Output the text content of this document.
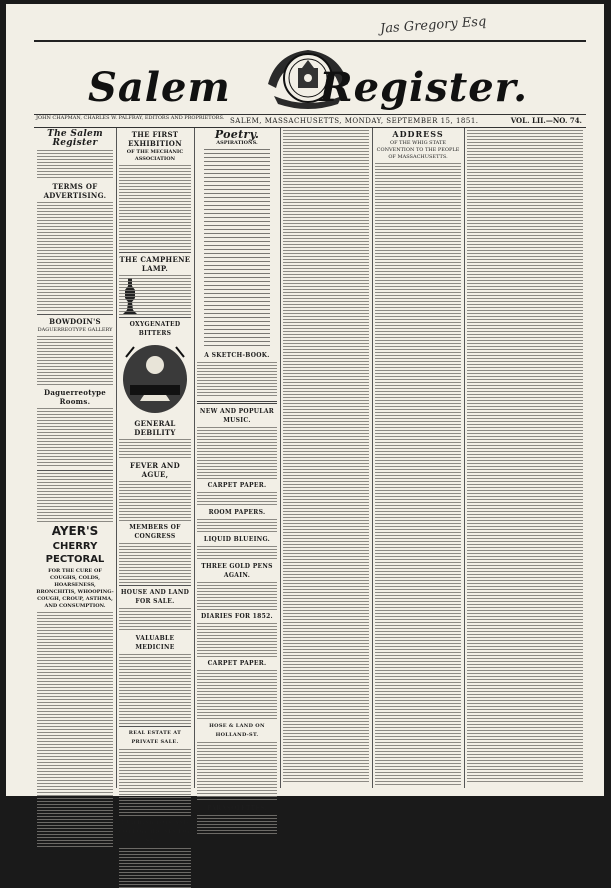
Jas Gregory Esq
Salem Register.
JOHN CHAPMAN, CHARLES W. PALFRAY, EDITORS AND PROPRIETORS. SALEM, MASSACHUSETTS, MONDAY, SEPTEMBER 15, 1851.	VOL. LII.—NO. 74.
The Salem Register
TERMS OF ADVERTISING.
BOWDOIN'S
DAGUERREOTYPE GALLERY
Daguerreotype Rooms.
AYER'S
CHERRY PECTORAL
FOR THE CURE OF COUGHS, COLDS, HOARSENESS, BRONCHITIS, WHOOPING-COUGH, CROUP, ASTHMA, AND CONSUMPTION.
THE FIRST EXHIBITION
OF THE MECHANIC ASSOCIATION
THE CAMPHENE LAMP.
OXYGENATED BITTERS
GENERAL DEBILITY
FEVER AND AGUE,
MEMBERS OF CONGRESS
HOUSE AND LAND FOR SALE.
VALUABLE MEDICINE
REAL ESTATE AT PRIVATE SALE.
BUILDING LOTS AND COTTAGE HOUSES FOR SALE.
Poetry.
ASPIRATIONS.
A SKETCH-BOOK.
NEW AND POPULAR MUSIC.
CARPET PAPER.
ROOM PAPERS.
LIQUID BLUEING.
THREE GOLD PENS AGAIN.
DIARIES FOR 1852.
CARPET PAPER.
HOSE & LAND ON HOLLAND-ST.
PARASOLETTES.
ADDRESS
OF THE WHIG STATE CONVENTION TO THE PEOPLE OF MASSACHUSETTS.
